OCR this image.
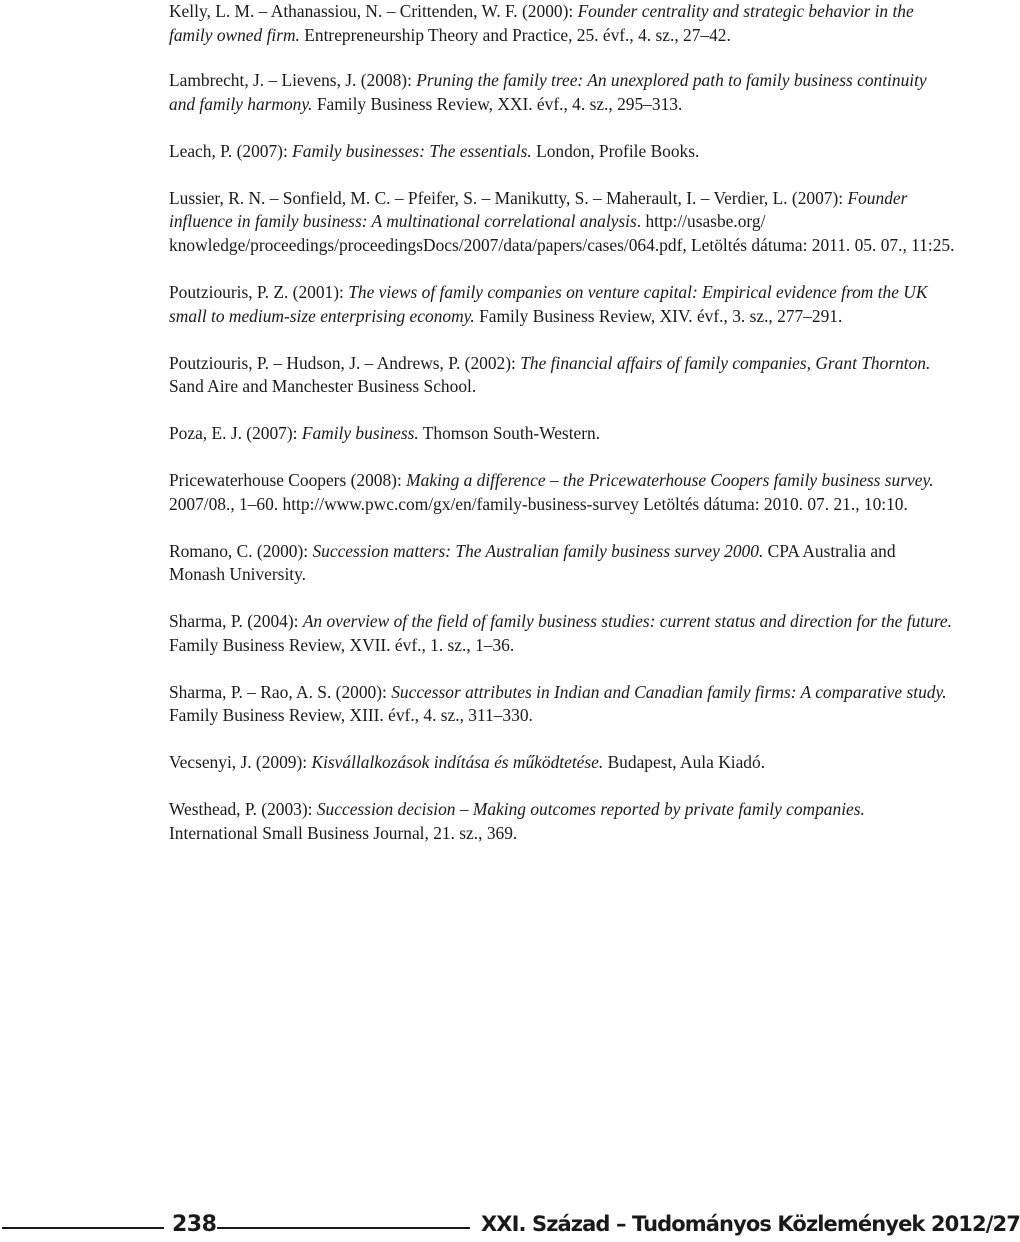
Kelly, L. M. – Athanassiou, N. – Crittenden, W. F. (2000): Founder centrality and strategic behavior in the family owned firm. Entrepreneurship Theory and Practice, 25. évf., 4. sz., 27–42.

Lambrecht, J. – Lievens, J. (2008): Pruning the family tree: An unexplored path to family business continuity and family harmony. Family Business Review, XXI. évf., 4. sz., 295–313.

Leach, P. (2007): Family businesses: The essentials. London, Profile Books.

Lussier, R. N. – Sonfield, M. C. – Pfeifer, S. – Manikutty, S. – Maherault, I. – Verdier, L. (2007): Founder influence in family business: A multinational correlational analysis. http://usasbe.org/ knowledge/proceedings/proceedingsDocs/2007/data/papers/cases/064.pdf, Letöltés dátuma: 2011. 05. 07., 11:25.

Poutziouris, P. Z. (2001): The views of family companies on venture capital: Empirical evidence from the UK small to medium-size enterprising economy. Family Business Review, XIV. évf., 3. sz., 277–291.

Poutziouris, P. – Hudson, J. – Andrews, P. (2002): The financial affairs of family companies, Grant Thornton. Sand Aire and Manchester Business School.

Poza, E. J. (2007): Family business. Thomson South-Western.

Pricewaterhouse Coopers (2008): Making a difference – the Pricewaterhouse Coopers family business survey. 2007/08., 1–60. http://www.pwc.com/gx/en/family-business-survey Letöltés dátuma: 2010. 07. 21., 10:10.

Romano, C. (2000): Succession matters: The Australian family business survey 2000. CPA Australia and Monash University.

Sharma, P. (2004): An overview of the field of family business studies: current status and direction for the future. Family Business Review, XVII. évf., 1. sz., 1–36.

Sharma, P. – Rao, A. S. (2000): Successor attributes in Indian and Canadian family firms: A comparative study. Family Business Review, XIII. évf., 4. sz., 311–330.

Vecsenyi, J. (2009): Kisvállalkozások indítása és működtetése. Budapest, Aula Kiadó.

Westhead, P. (2003): Succession decision – Making outcomes reported by private family companies. International Small Business Journal, 21. sz., 369.

238	XXI. Század – Tudományos Közlemények 2012/27
